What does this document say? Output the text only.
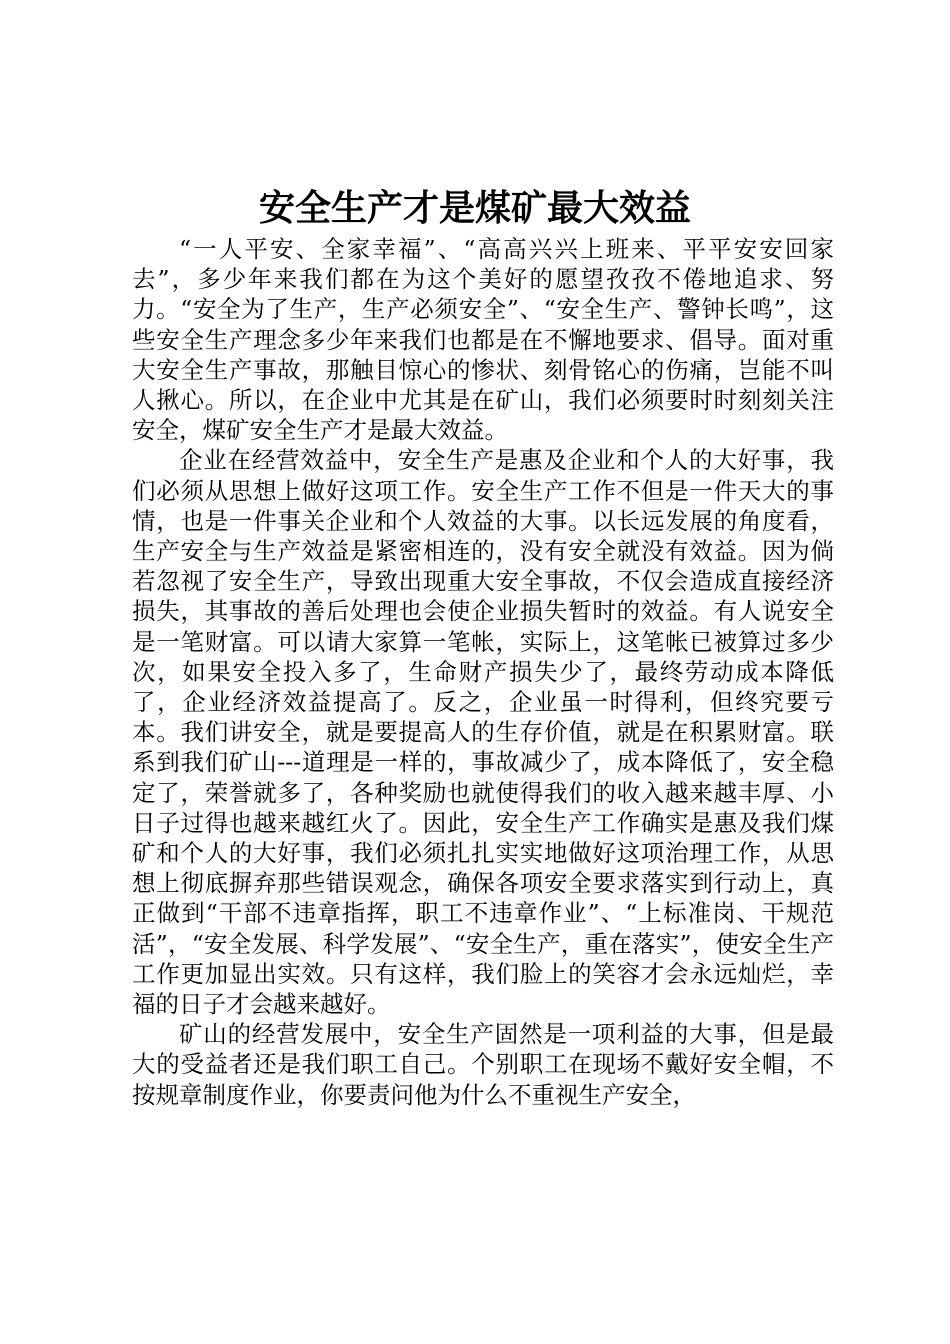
安全生产才是煤矿最大效益

“一人平安、全家幸福”、“高高兴兴上班来、平平安安回家去”，多少年来我们都在为这个美好的愿望孜孜不倦地追求、努力。“安全为了生产，生产必须安全”、“安全生产、警钟长鸣”，这些安全生产理念多少年来我们也都是在不懈地要求、倡导。面对重大安全生产事故，那触目惊心的惨状、刻骨铭心的伤痛，岂能不叫人揪心。所以，在企业中尤其是在矿山，我们必须要时时刻刻关注安全，煤矿安全生产才是最大效益。

企业在经营效益中，安全生产是惠及企业和个人的大好事，我们必须从思想上做好这项工作。安全生产工作不但是一件天大的事情，也是一件事关企业和个人效益的大事。以长远发展的角度看，生产安全与生产效益是紧密相连的，没有安全就没有效益。因为倘若忽视了安全生产，导致出现重大安全事故，不仅会造成直接经济损失，其事故的善后处理也会使企业损失暂时的效益。有人说安全是一笔财富。可以请大家算一笔帐，实际上，这笔帐已被算过多少次，如果安全投入多了，生命财产损失少了，最终劳动成本降低了，企业经济效益提高了。反之，企业虽一时得利，但终究要亏本。我们讲安全，就是要提高人的生存价值，就是在积累财富。联系到我们矿山---道理是一样的，事故减少了，成本降低了，安全稳定了，荣誉就多了，各种奖励也就使得我们的收入越来越丰厚、小日子过得也越来越红火了。因此，安全生产工作确实是惠及我们煤矿和个人的大好事，我们必须扎扎实实地做好这项治理工作，从思想上彻底摒弃那些错误观念，确保各项安全要求落实到行动上，真正做到“干部不违章指挥，职工不违章作业”、“上标准岗、干规范活”，“安全发展、科学发展”、“安全生产，重在落实”，使安全生产工作更加显出实效。只有这样，我们脸上的笑容才会永远灿烂，幸福的日子才会越来越好。

矿山的经营发展中，安全生产固然是一项利益的大事，但是最大的受益者还是我们职工自己。个别职工在现场不戴好安全帽，不按规章制度作业，你要责问他为什么不重视生产安全，
